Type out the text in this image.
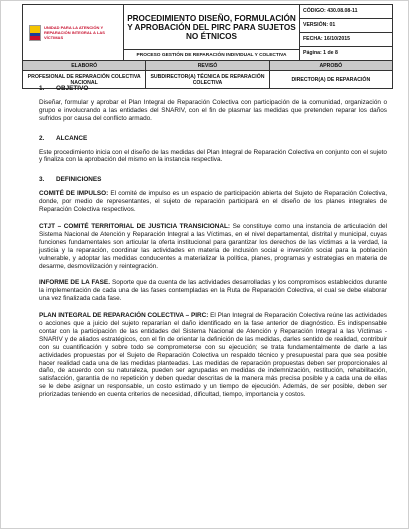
UNIDAD PARA LA ATENCIÓN Y REPARACIÓN INTEGRAL A LAS VÍCTIMAS
	PROCEDIMIENTO DISEÑO, FORMULACIÓN Y APROBACIÓN DEL PIRC PARA SUJETOS NO ÉTNICOS	
CÓDIGO: 430.08.08-11
VERSIÓN: 01
FECHA: 16/10/2015
Página: 1 de 8

PROCESO GESTIÓN DE REPARACIÓN INDIVIDUAL Y COLECTIVA
ELABORÓ	REVISÓ	APROBÓ
PROFESIONAL DE REPARACIÓN COLECTIVA NACIONAL	SUBDIRECTOR(A) TÉCNICA DE REPARACIÓN COLECTIVA	DIRECTOR(A) DE REPARACIÓN
1. OBJETIVO

Diseñar, formular y aprobar el Plan Integral de Reparación Colectiva con participación de la comunidad, organización o grupo e involucrando a las entidades del SNARIV, con el fin de plasmar las medidas que pretenden reparar los daños sufridos por causa del conflicto armado.

2. ALCANCE

Este procedimiento inicia con el diseño de las medidas del Plan Integral de Reparación Colectiva en conjunto con el sujeto y finaliza con la aprobación del mismo en la instancia respectiva.

3. DEFINICIONES

COMITÉ DE IMPULSO: El comité de impulso es un espacio de participación abierta del Sujeto de Reparación Colectiva, donde, por medio de representantes, el sujeto de reparación participará en el diseño de los planes integrales de Reparación Colectiva respectivos.

CTJT – COMITÉ TERRITORIAL DE JUSTICIA TRANSICIONAL: Se constituye como una instancia de articulación del Sistema Nacional de Atención y Reparación Integral a las Víctimas, en el nivel departamental, distrital y municipal, cuyas funciones fundamentales son articular la oferta institucional para garantizar los derechos de las víctimas a la verdad, la justicia y la reparación, coordinar las actividades en materia de inclusión social e inversión social para la población vulnerable, y adoptar las medidas conducentes a materializar la política, planes, programas y estrategias en materia de desarme, desmovilización y reintegración.

INFORME DE LA FASE. Soporte que da cuenta de las actividades desarrolladas y los compromisos establecidos durante la implementación de cada una de las fases contempladas en la Ruta de Reparación Colectiva, el cual se debe elaborar una vez finalizada cada fase.

PLAN INTEGRAL DE REPARACIÓN COLECTIVA – PIRC: El Plan Integral de Reparación Colectiva reúne las actividades o acciones que a juicio del sujeto repararían el daño identificado en la fase anterior de diagnóstico. Es indispensable contar con la participación de las entidades del Sistema Nacional de Atención y Reparación Integral a las Víctimas - SNARIV y de aliados estratégicos, con el fin de orientar la definición de las medidas, darles sentido de realidad, contribuir con su cuantificación y sobre todo se comprometerse con su ejecución; se trata fundamentalmente de darle a las actividades propuestas por el Sujeto de Reparación Colectiva un respaldo técnico y presupuestal para que sea posible hacer realidad cada una de las medidas planteadas. Las medidas de reparación propuestas deben ser proporcionales al daño, de acuerdo con su naturaleza, pueden ser agrupadas en medidas de indemnización, restitución, rehabilitación, satisfacción, garantía de no repetición y deben quedar descritas de la manera más precisa posible y a cada una de ellas se le debe asignar un responsable, un costo estimado y un tiempo de ejecución. Además, de ser posible, deben ser priorizadas teniendo en cuenta criterios de necesidad, dificultad, tiempo, importancia y costos.
